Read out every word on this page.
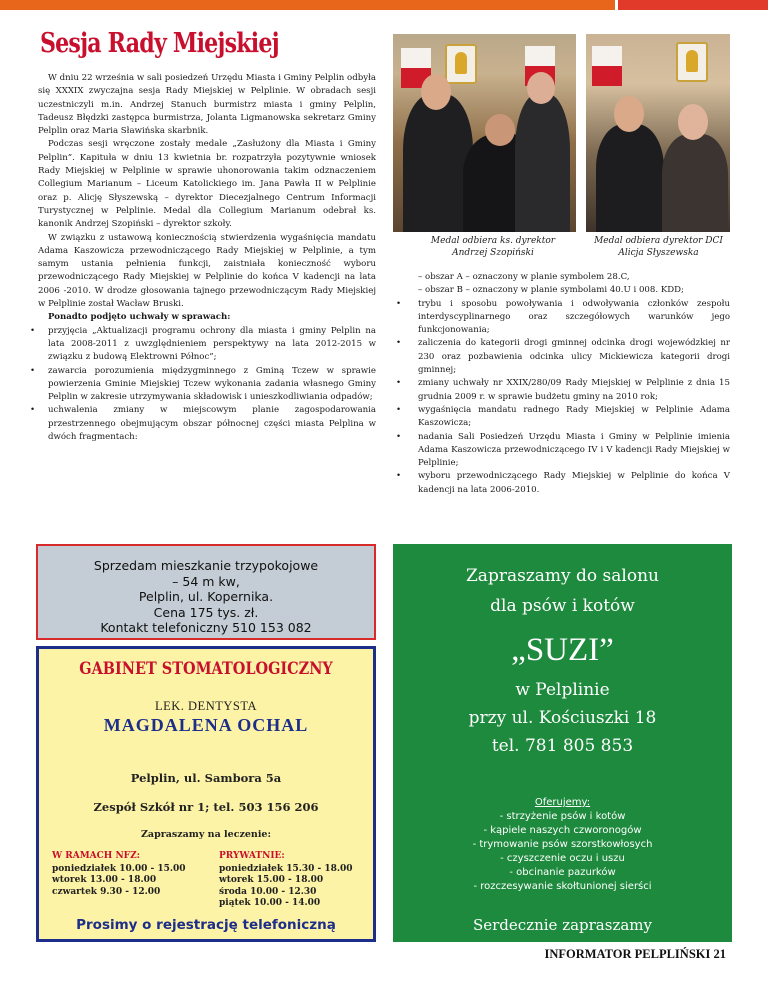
Sesja Rady Miejskiej

W dniu 22 września w sali posiedzeń Urzędu Miasta i Gminy Pelplin odbyła się XXXIX zwyczajna sesja Rady Miejskiej w Pelplinie. W obradach sesji uczestniczyli m.in. Andrzej Stanuch burmistrz miasta i gminy Pelplin, Tadeusz Błędzki zastępca burmistrza, Jolanta Ligmanowska sekretarz Gminy Pelplin oraz Maria Sławińska skarbnik.

Podczas sesji wręczone zostały medale „Zasłużony dla Miasta i Gminy Pelplin”. Kapituła w dniu 13 kwietnia br. rozpatrzyła pozytywnie wniosek Rady Miejskiej w Pelplinie w sprawie uhonorowania takim odznaczeniem Collegium Marianum – Liceum Katolickiego im. Jana Pawła II w Pelplinie oraz p. Alicję Słyszewską – dyrektor Diecezjalnego Centrum Informacji Turystycznej w Pelplinie. Medal dla Collegium Marianum odebrał ks. kanonik Andrzej Szopiński – dyrektor szkoły.

W związku z ustawową koniecznością stwierdzenia wygaśnięcia mandatu Adama Kaszowicza przewodniczącego Rady Miejskiej w Pelplinie, a tym samym ustania pełnienia funkcji, zaistniała konieczność wyboru przewodniczącego Rady Miejskiej w Pelplinie do końca V kadencji na lata 2006 -2010. W drodze głosowania tajnego przewodniczącym Rady Miejskiej w Pelplinie został Wacław Bruski.

Ponadto podjęto uchwały w sprawach:

• przyjęcia „Aktualizacji programu ochrony dla miasta i gminy Pelplin na lata 2008-2011 z uwzględnieniem perspektywy na lata 2012-2015 w związku z budową Elektrowni Północ”;
• zawarcia porozumienia międzygminnego z Gminą Tczew w sprawie powierzenia Gminie Miejskiej Tczew wykonania zadania własnego Gminy Pelplin w zakresie utrzymywania składowisk i unieszkodliwiania odpadów;
• uchwalenia zmiany w miejscowym planie zagospodarowania przestrzennego obejmującym obszar północnej części miasta Pelplina w dwóch fragmentach:
Medal odbiera ks. dyrektor Andrzej Szopiński
Medal odbiera dyrektor DCI Alicja Słyszewska
– obszar A – oznaczony w planie symbolem 28.C,
– obszar B – oznaczony w planie symbolami 40.U i 008. KDD;
• trybu i sposobu powoływania i odwoływania członków zespołu interdyscyplinarnego oraz szczegółowych warunków jego funkcjonowania;
• zaliczenia do kategorii drogi gminnej odcinka drogi wojewódzkiej nr 230 oraz pozbawienia odcinka ulicy Mickiewicza kategorii drogi gminnej;
• zmiany uchwały nr XXIX/280/09 Rady Miejskiej w Pelplinie z dnia 15 grudnia 2009 r. w sprawie budżetu gminy na 2010 rok;
• wygaśnięcia mandatu radnego Rady Miejskiej w Pelplinie Adama Kaszowicza;
• nadania Sali Posiedzeń Urzędu Miasta i Gminy w Pelplinie imienia Adama Kaszowicza przewodniczącego IV i V kadencji Rady Miejskiej w Pelplinie;
• wyboru przewodniczącego Rady Miejskiej w Pelplinie do końca V kadencji na lata 2006-2010.
Sprzedam mieszkanie trzypokojowe
– 54 m kw,
Pelplin, ul. Kopernika.
Cena 175 tys. zł.
Kontakt telefoniczny 510 153 082
GABINET STOMATOLOGICZNY
LEK. DENTYSTA
MAGDALENA OCHAL
Pelplin, ul. Sambora 5a
Zespół Szkół nr 1; tel. 503 156 206
Zapraszamy na leczenie:
W RAMACH NFZ:
poniedziałek 10.00 - 15.00
wtorek 13.00 - 18.00
czwartek 9.30 - 12.00
PRYWATNIE:
poniedziałek 15.30 - 18.00
wtorek 15.00 - 18.00
środa 10.00 - 12.30
piątek 10.00 - 14.00
Prosimy o rejestrację telefoniczną
Zapraszamy do salonu
dla psów i kotów
„SUZI”
w Pelplinie
przy ul. Kościuszki 18
tel. 781 805 853
Oferujemy:
- strzyżenie psów i kotów
- kąpiele naszych czworonogów
- trymowanie psów szorstkowłosych
- czyszczenie oczu i uszu
- obcinanie pazurków
- rozczesywanie skołtunionej sierści
Serdecznie zapraszamy
INFORMATOR PELPLIŃSKI 21
